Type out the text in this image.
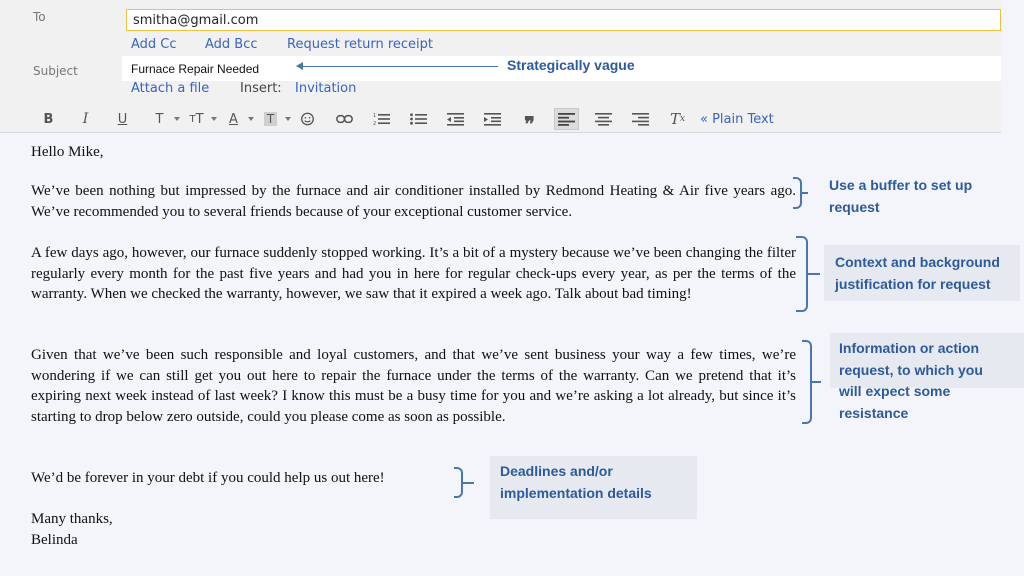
To	smitha@gmail.com
Add Cc Add Bcc Request return receipt
Subject	Furnace Repair Needed
Attach a file Insert: Invitation
B	I	U	T	T T A T	1
2	❞	T x « Plain Text
Strategically vague
Hello Mike,
We’ve been nothing but impressed by the furnace and air conditioner installed by Redmond Heating & Air five years ago. We’ve recommended you to several friends because of your exceptional customer service.
A few days ago, however, our furnace suddenly stopped working. It’s a bit of a mystery because we’ve been changing the filter regularly every month for the past five years and had you in here for regular check-ups every year, as per the terms of the warranty. When we checked the warranty, however, we saw that it expired a week ago. Talk about bad timing!
Given that we’ve been such responsible and loyal customers, and that we’ve sent business your way a few times, we’re wondering if we can still get you out here to repair the furnace under the terms of the warranty. Can we pretend that it’s expiring next week instead of last week? I know this must be a busy time for you and we’re asking a lot already, but since it’s starting to drop below zero outside, could you please come as soon as possible.
We’d be forever in your debt if you could help us out here!
Many thanks,
Belinda
Use a buffer to set up
request
Context and background
justification for request
Information or action
request, to which you
will expect some
resistance
Deadlines and/or
implementation details
